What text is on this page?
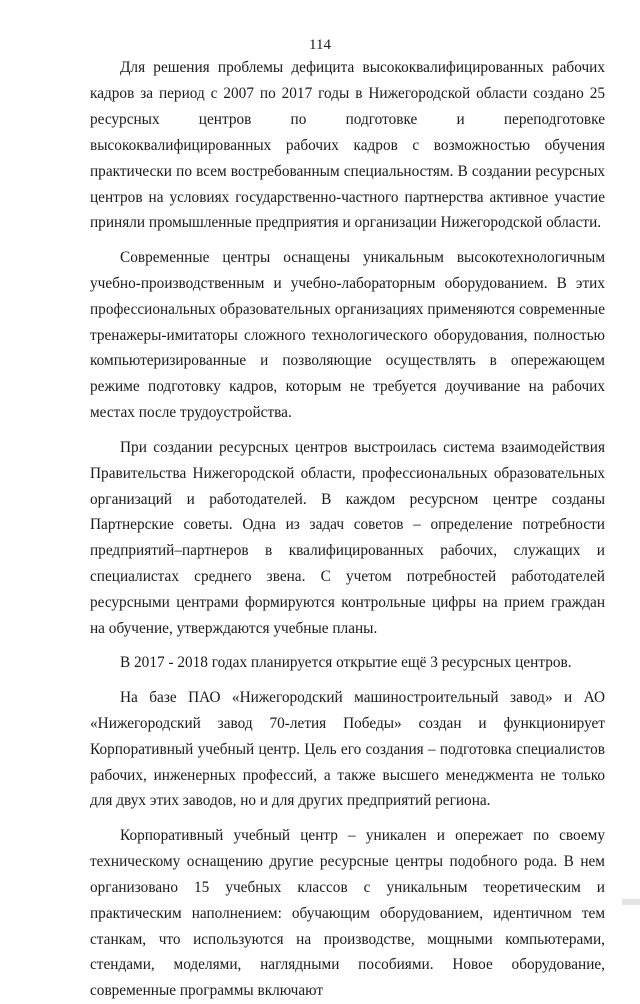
114

Для решения проблемы дефицита высококвалифицированных рабочих кадров за период с 2007 по 2017 годы в Нижегородской области создано 25 ресурсных центров по подготовке и переподготовке высококвалифицированных рабочих кадров с возможностью обучения практически по всем востребованным специальностям. В создании ресурсных центров на условиях государственно-частного партнерства активное участие приняли промышленные предприятия и организации Нижегородской области.

Современные центры оснащены уникальным высокотехнологичным учебно-производственным и учебно-лабораторным оборудованием. В этих профессиональных образовательных организациях применяются современные тренажеры-имитаторы сложного технологического оборудования, полностью компьютеризированные и позволяющие осуществлять в опережающем режиме подготовку кадров, которым не требуется доучивание на рабочих местах после трудоустройства.

При создании ресурсных центров выстроилась система взаимодействия Правительства Нижегородской области, профессиональных образовательных организаций и работодателей. В каждом ресурсном центре созданы Партнерские советы. Одна из задач советов – определение потребности предприятий–партнеров в квалифицированных рабочих, служащих и специалистах среднего звена. С учетом потребностей работодателей ресурсными центрами формируются контрольные цифры на прием граждан на обучение, утверждаются учебные планы.

В 2017 - 2018 годах планируется открытие ещё 3 ресурсных центров.

На базе ПАО «Нижегородский машиностроительный завод» и АО «Нижегородский завод 70-летия Победы» создан и функционирует Корпоративный учебный центр. Цель его создания – подготовка специалистов рабочих, инженерных профессий, а также высшего менеджмента не только для двух этих заводов, но и для других предприятий региона.

Корпоративный учебный центр – уникален и опережает по своему техническому оснащению другие ресурсные центры подобного рода. В нем организовано 15 учебных классов с уникальным теоретическим и практическим наполнением: обучающим оборудованием, идентичном тем станкам, что используются на производстве, мощными компьютерами, стендами, моделями, наглядными пособиями. Новое оборудование, современные программы включают
